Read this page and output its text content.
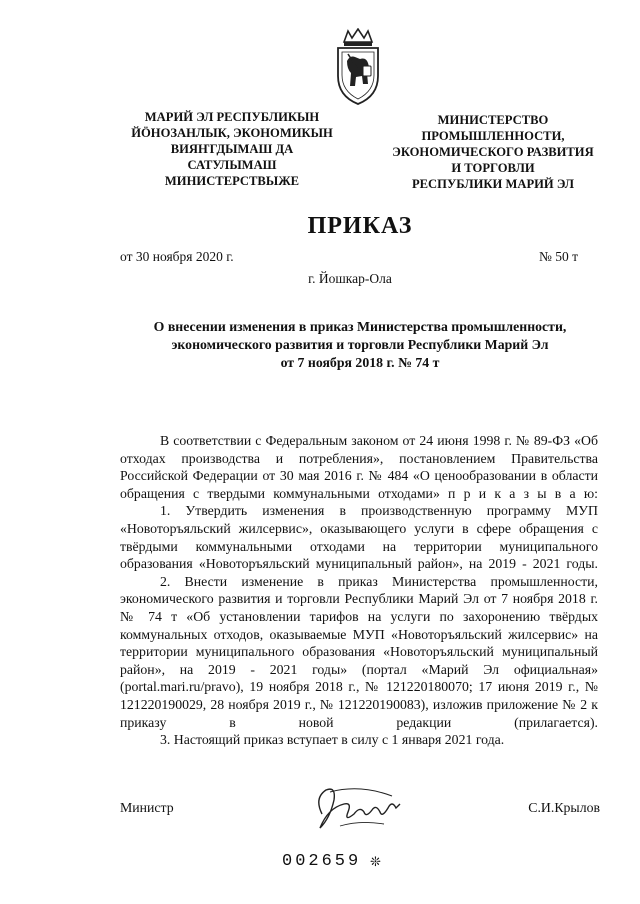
МАРИЙ ЭЛ РЕСПУБЛИКЫН
ЙӦНОЗАНЛЫК, ЭКОНОМИКЫН
ВИЯҤГДЫМАШ ДА
САТУЛЫМАШ
МИНИСТЕРСТВЫЖЕ
МИНИСТЕРСТВО
ПРОМЫШЛЕННОСТИ,
ЭКОНОМИЧЕСКОГО РАЗВИТИЯ
И ТОРГОВЛИ
РЕСПУБЛИКИ МАРИЙ ЭЛ
ПРИКАЗ
от 30 ноября 2020 г.	№ 50 т
г. Йошкар-Ола
О внесении изменения в приказ Министерства промышленности,
экономического развития и торговли Республики Марий Эл
от 7 ноября 2018 г. № 74 т
В соответствии с Федеральным законом от 24 июня 1998 г. № 89-ФЗ «Об отходах производства и потребления», постановлением Правительства Российской Федерации от 30 мая 2016 г. № 484 «О ценообразовании в области обращения с твердыми коммунальными отходами» п р и к а з ы в а ю:
1. Утвердить изменения в производственную программу МУП «Новоторъяльский жилсервис», оказывающего услуги в сфере обращения с твёрдыми коммунальными отходами на территории муниципального образования «Новоторъяльский муниципальный район», на 2019 - 2021 годы.
2. Внести изменение в приказ Министерства промышленности, экономического развития и торговли Республики Марий Эл от 7 ноября 2018 г. № 74 т «Об установлении тарифов на услуги по захоронению твёрдых коммунальных отходов, оказываемые МУП «Новоторъяльский жилсервис» на территории муниципального образования «Новоторъяльский муниципальный район», на 2019 - 2021 годы» (портал «Марий Эл официальная» (portal.mari.ru/pravo), 19 ноября 2018 г., № 121220180070; 17 июня 2019 г., № 121220190029, 28 ноября 2019 г., № 121220190083), изложив приложение № 2 к приказу в новой редакции (прилагается).
3. Настоящий приказ вступает в силу с 1 января 2021 года.
Министр	С.И.Крылов
002659 ❊
